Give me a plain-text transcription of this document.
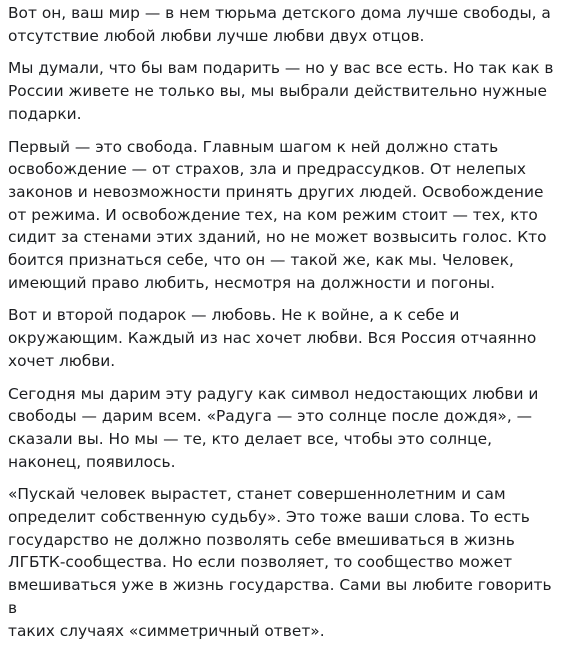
Вот он, ваш мир — в нем тюрьма детского дома лучше свободы, а
отсутствие любой любви лучше любви двух отцов.

Мы думали, что бы вам подарить — но у вас все есть. Но так как в
России живете не только вы, мы выбрали действительно нужные
подарки.

Первый — это свобода. Главным шагом к ней должно стать
освобождение — от страхов, зла и предрассудков. От нелепых
законов и невозможности принять других людей. Освобождение
от режима. И освобождение тех, на ком режим стоит — тех, кто
сидит за стенами этих зданий, но не может возвысить голос. Кто
боится признаться себе, что он — такой же, как мы. Человек,
имеющий право любить, несмотря на должности и погоны.

Вот и второй подарок — любовь. Не к войне, а к себе и
окружающим. Каждый из нас хочет любви. Вся Россия отчаянно
хочет любви.

Сегодня мы дарим эту радугу как символ недостающих любви и
свободы — дарим всем. «Радуга — это солнце после дождя», —
сказали вы. Но мы — те, кто делает все, чтобы это солнце,
наконец, появилось.

«Пускай человек вырастет, станет совершеннолетним и сам
определит собственную судьбу». Это тоже ваши слова. То есть
государство не должно позволять себе вмешиваться в жизнь
ЛГБТК-сообщества. Но если позволяет, то сообщество может
вмешиваться уже в жизнь государства. Сами вы любите говорить в
таких случаях «симметричный ответ».
